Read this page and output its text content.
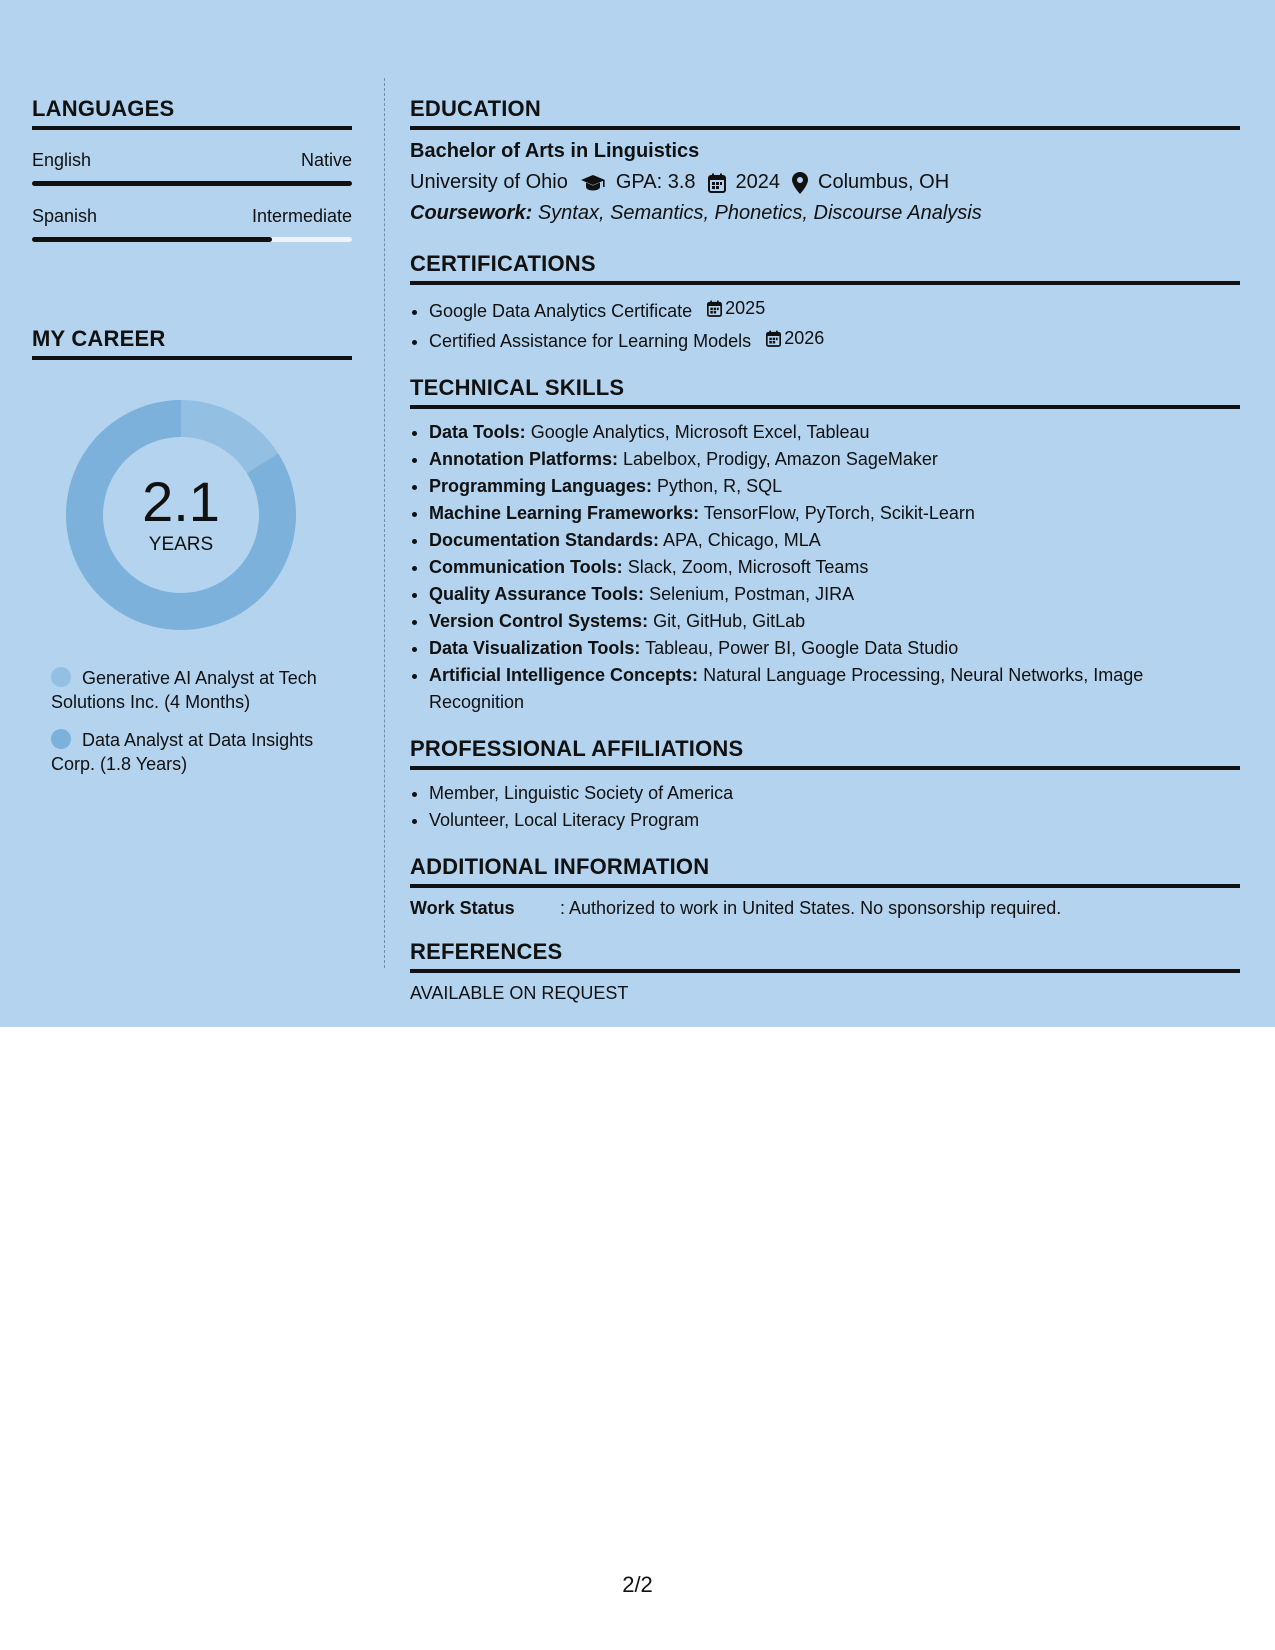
LANGUAGES
English	Native
Spanish	Intermediate
MY CAREER
2.1
YEARS
Generative AI Analyst at Tech Solutions Inc. (4 Months)
Data Analyst at Data Insights Corp. (1.8 Years)
EDUCATION
Bachelor of Arts in Linguistics
University of Ohio GPA: 3.8 2024 Columbus, OH
Coursework: Syntax, Semantics, Phonetics, Discourse Analysis
CERTIFICATIONS
• Google Data Analytics Certificate 2025
• Certified Assistance for Learning Models 2026
TECHNICAL SKILLS
• Data Tools: Google Analytics, Microsoft Excel, Tableau
• Annotation Platforms: Labelbox, Prodigy, Amazon SageMaker
• Programming Languages: Python, R, SQL
• Machine Learning Frameworks: TensorFlow, PyTorch, Scikit-Learn
• Documentation Standards: APA, Chicago, MLA
• Communication Tools: Slack, Zoom, Microsoft Teams
• Quality Assurance Tools: Selenium, Postman, JIRA
• Version Control Systems: Git, GitHub, GitLab
• Data Visualization Tools: Tableau, Power BI, Google Data Studio
• Artificial Intelligence Concepts: Natural Language Processing, Neural Networks, Image Recognition
PROFESSIONAL AFFILIATIONS
• Member, Linguistic Society of America
• Volunteer, Local Literacy Program
ADDITIONAL INFORMATION
Work Status	: Authorized to work in United States. No sponsorship required.
REFERENCES
AVAILABLE ON REQUEST
2/2
